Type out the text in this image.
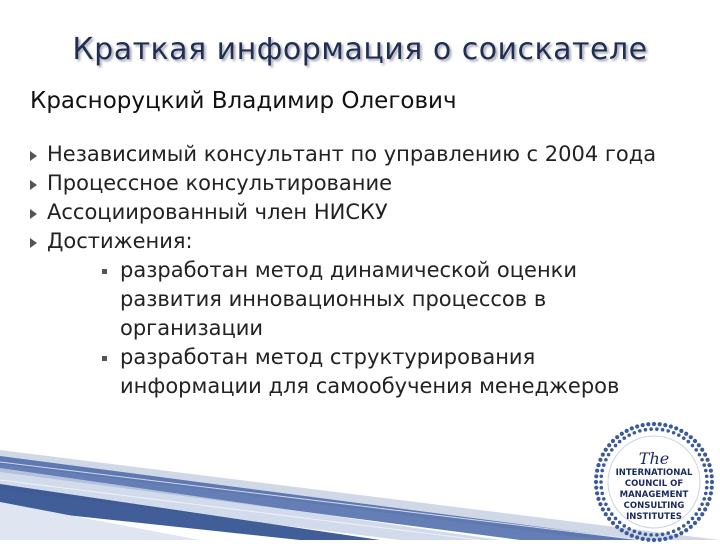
Краткая информация о соискателе
Красноруцкий Владимир Олегович
Независимый консультант по управлению с 2004 года
Процессное консультирование
Ассоциированный член НИСКУ
Достижения:
разработан метод динамической оценки развития инновационных процессов в организации
разработан метод структурирования информации для самообучения менеджеров
The
INTERNATIONAL
COUNCIL OF
MANAGEMENT
CONSULTING
INSTITUTES
